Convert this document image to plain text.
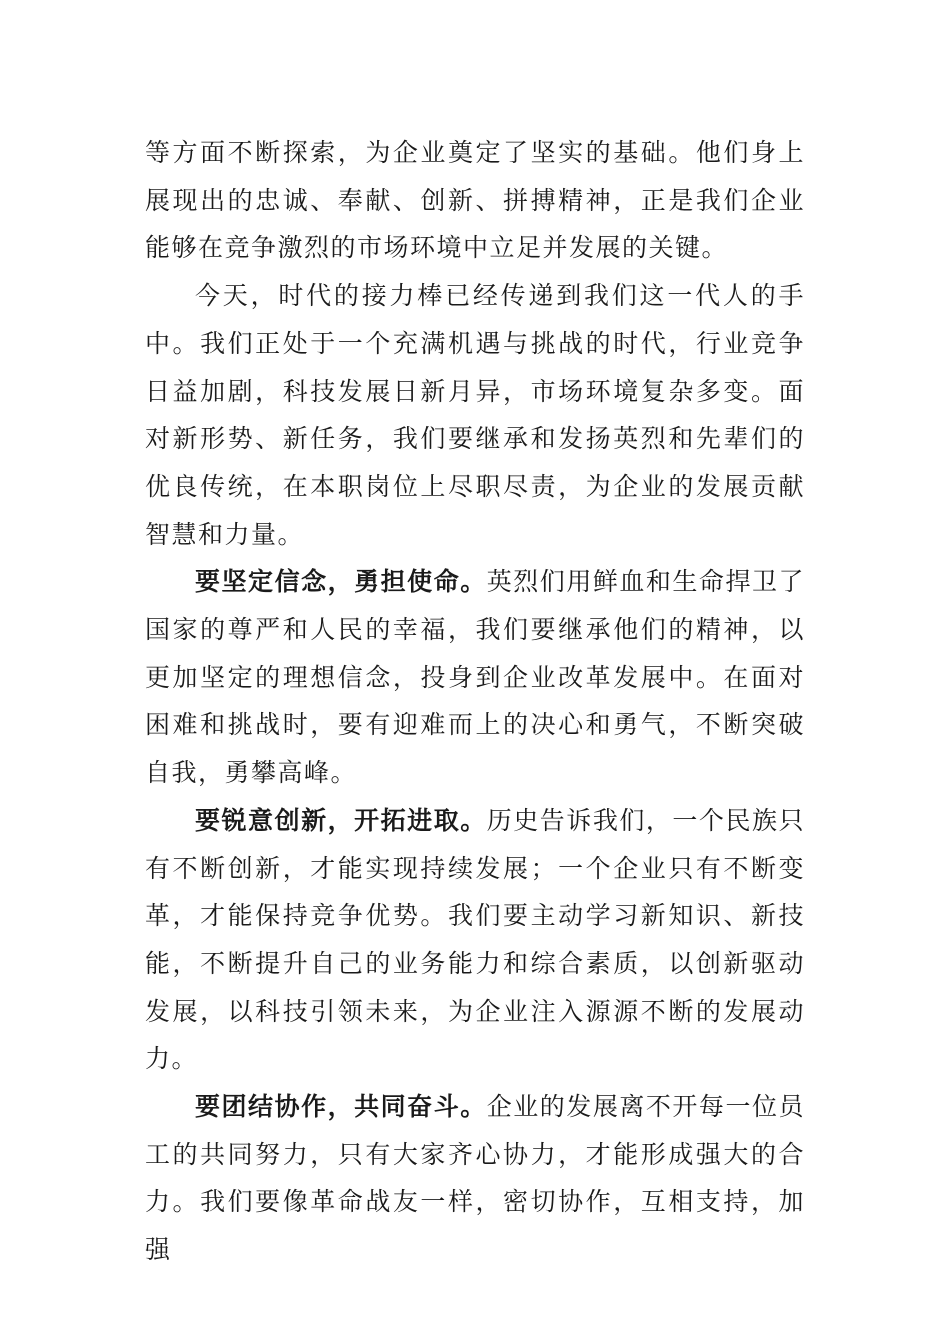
等方面不断探索，为企业奠定了坚实的基础。他们身上展现出的忠诚、奉献、创新、拼搏精神，正是我们企业能够在竞争激烈的市场环境中立足并发展的关键。

今天，时代的接力棒已经传递到我们这一代人的手中。我们正处于一个充满机遇与挑战的时代，行业竞争日益加剧，科技发展日新月异，市场环境复杂多变。面对新形势、新任务，我们要继承和发扬英烈和先辈们的优良传统，在本职岗位上尽职尽责，为企业的发展贡献智慧和力量。

要坚定信念，勇担使命。英烈们用鲜血和生命捍卫了国家的尊严和人民的幸福，我们要继承他们的精神，以更加坚定的理想信念，投身到企业改革发展中。在面对困难和挑战时，要有迎难而上的决心和勇气，不断突破自我，勇攀高峰。

要锐意创新，开拓进取。历史告诉我们，一个民族只有不断创新，才能实现持续发展；一个企业只有不断变革，才能保持竞争优势。我们要主动学习新知识、新技能，不断提升自己的业务能力和综合素质，以创新驱动发展，以科技引领未来，为企业注入源源不断的发展动力。

要团结协作，共同奋斗。企业的发展离不开每一位员工的共同努力，只有大家齐心协力，才能形成强大的合力。我们要像革命战友一样，密切协作，互相支持，加强
